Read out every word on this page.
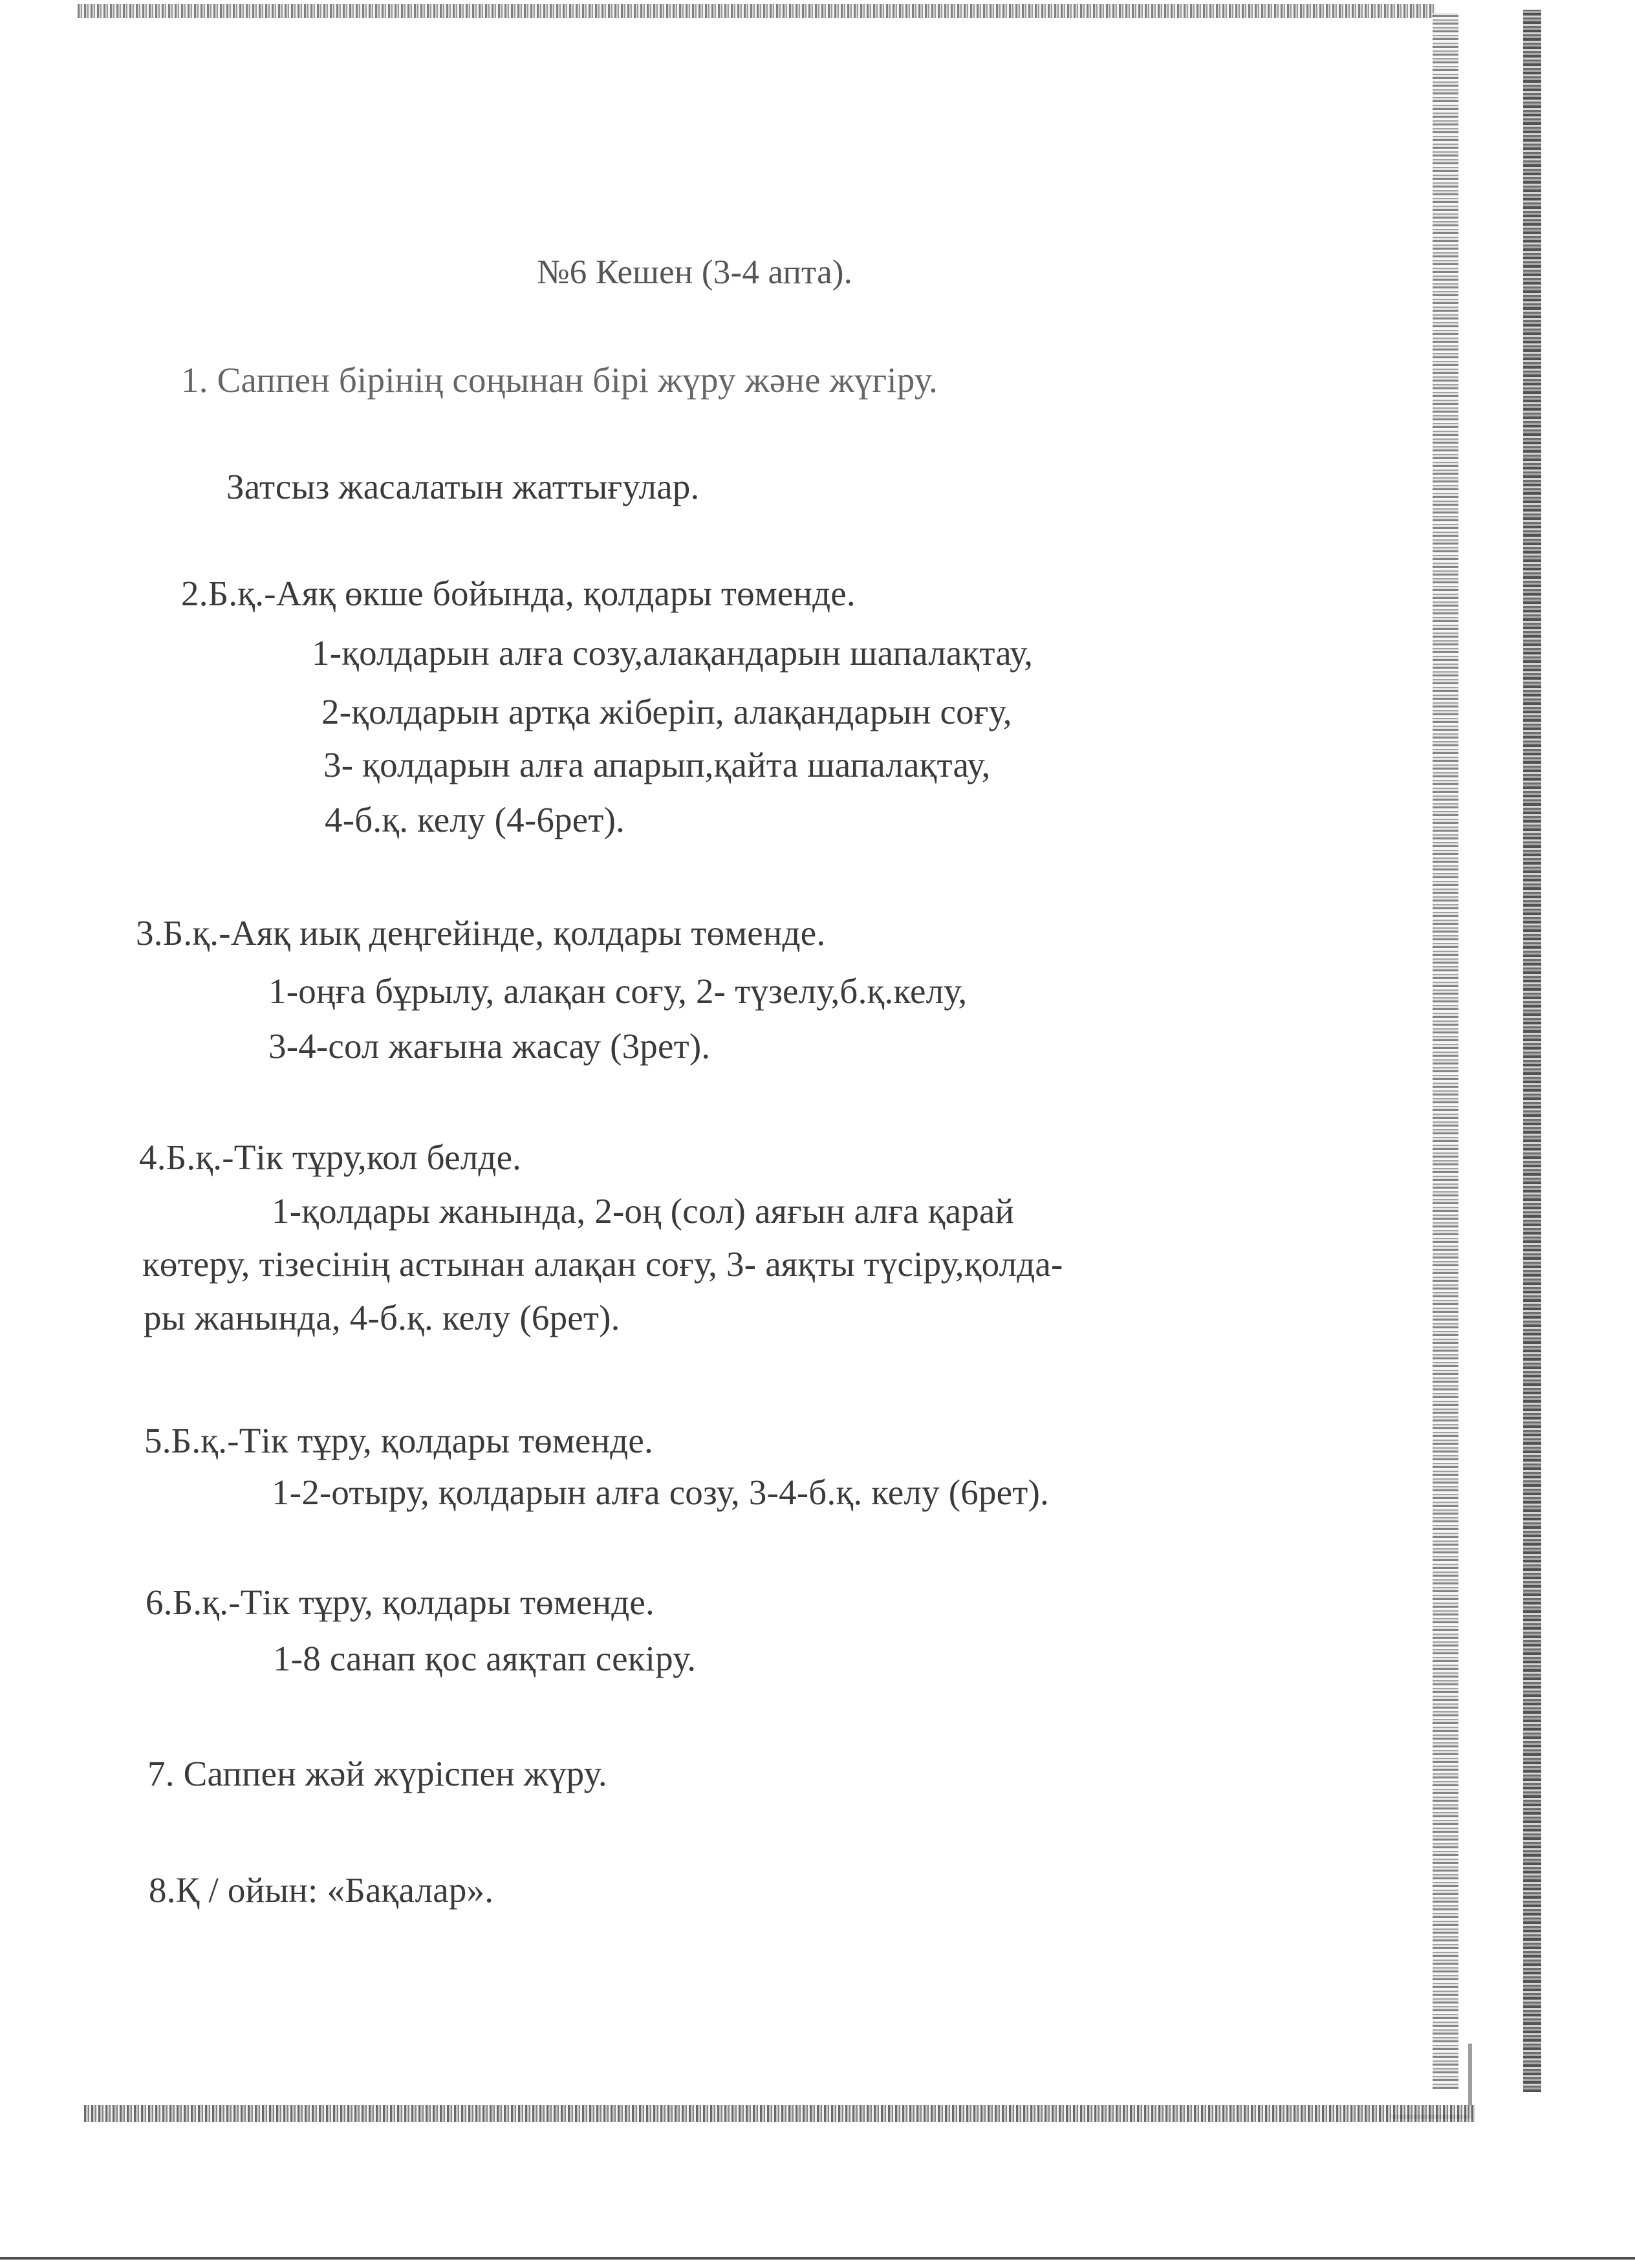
№6 Кешен (3-4 апта).
1. Саппен бірінің соңынан бірі жүру және жүгіру.
Затсыз жасалатын жаттығулар.
2.Б.қ.-Аяқ өкше бойында, қолдары төменде.
1-қолдарын алға созу,алақандарын шапалақтау,
2-қолдарын артқа жіберіп, алақандарын соғу,
3- қолдарын алға апарып,қайта шапалақтау,
4-б.қ. келу (4-6рет).
3.Б.қ.-Аяқ иық деңгейінде, қолдары төменде.
1-оңға бұрылу, алақан соғу, 2- түзелу,б.қ.келу,
3-4-сол жағына жасау (3рет).
4.Б.қ.-Тік тұру,кол белде.
1-қолдары жанында, 2-оң (сол) аяғын алға қарай
көтеру, тізесінің астынан алақан соғу, 3- аяқты түсіру,қолда-
ры жанында, 4-б.қ. келу (6рет).
5.Б.қ.-Тік тұру, қолдары төменде.
1-2-отыру, қолдарын алға созу, 3-4-б.қ. келу (6рет).
6.Б.қ.-Тік тұру, қолдары төменде.
1-8 санап қос аяқтап секіру.
7. Саппен жәй жүріспен жүру.
8.Қ / ойын: «Бақалар».
